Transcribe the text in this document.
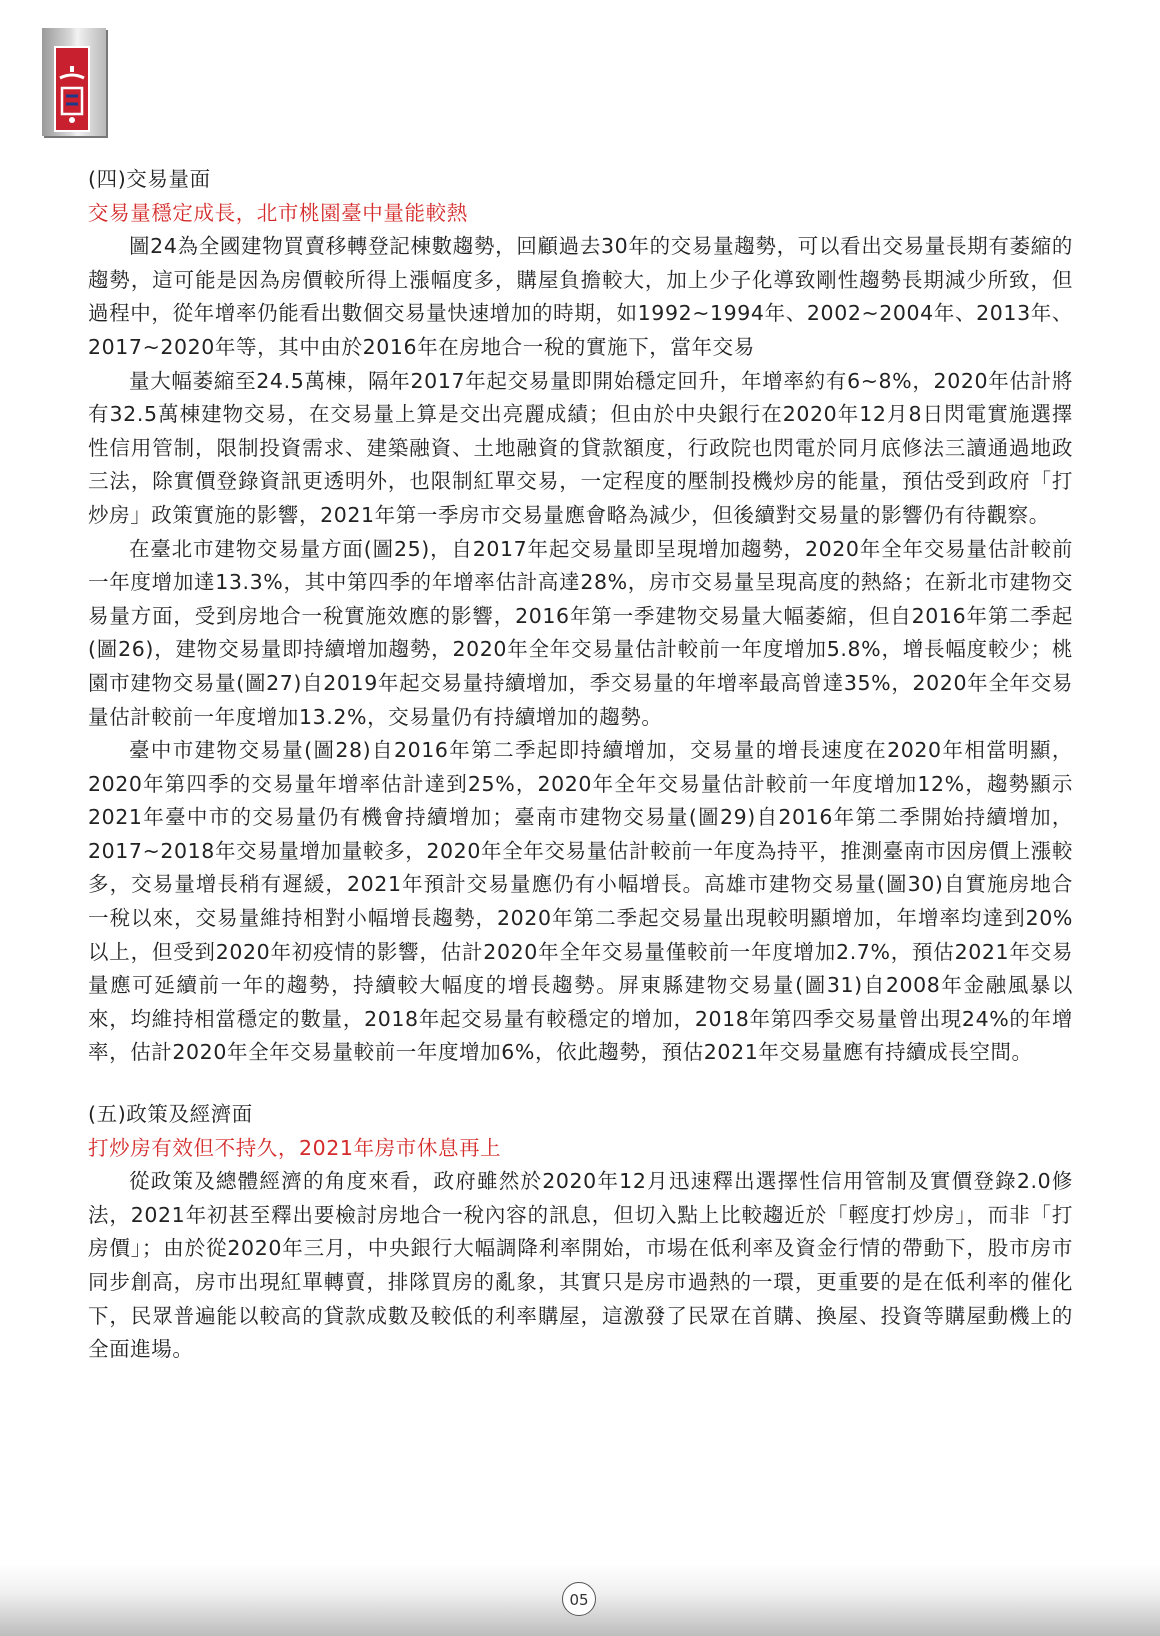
(四)交易量面

交易量穩定成長，北市桃園臺中量能較熱

圖24為全國建物買賣移轉登記棟數趨勢，回顧過去30年的交易量趨勢，可以看出交易量長期有萎縮的趨勢，這可能是因為房價較所得上漲幅度多，購屋負擔較大，加上少子化導致剛性趨勢長期減少所致，但過程中，從年增率仍能看出數個交易量快速增加的時期，如1992~1994年、2002~2004年、2013年、2017~2020年等，其中由於2016年在房地合一稅的實施下，當年交易

量大幅萎縮至24.5萬棟，隔年2017年起交易量即開始穩定回升，年增率約有6~8%，2020年估計將有32.5萬棟建物交易，在交易量上算是交出亮麗成績；但由於中央銀行在2020年12月8日閃電實施選擇性信用管制，限制投資需求、建築融資、土地融資的貸款額度，行政院也閃電於同月底修法三讀通過地政三法，除實價登錄資訊更透明外，也限制紅單交易，一定程度的壓制投機炒房的能量，預估受到政府「打炒房」政策實施的影響，2021年第一季房市交易量應會略為減少，但後續對交易量的影響仍有待觀察。

在臺北市建物交易量方面(圖25)，自2017年起交易量即呈現增加趨勢，2020年全年交易量估計較前一年度增加達13.3%，其中第四季的年增率估計高達28%，房市交易量呈現高度的熱絡；在新北市建物交易量方面，受到房地合一稅實施效應的影響，2016年第一季建物交易量大幅萎縮，但自2016年第二季起(圖26)，建物交易量即持續增加趨勢，2020年全年交易量估計較前一年度增加5.8%，增長幅度較少；桃園市建物交易量(圖27)自2019年起交易量持續增加，季交易量的年增率最高曾達35%，2020年全年交易量估計較前一年度增加13.2%，交易量仍有持續增加的趨勢。

臺中市建物交易量(圖28)自2016年第二季起即持續增加，交易量的增長速度在2020年相當明顯，2020年第四季的交易量年增率估計達到25%，2020年全年交易量估計較前一年度增加12%，趨勢顯示2021年臺中市的交易量仍有機會持續增加；臺南市建物交易量(圖29)自2016年第二季開始持續增加，2017~2018年交易量增加量較多，2020年全年交易量估計較前一年度為持平，推測臺南市因房價上漲較多，交易量增長稍有遲緩，2021年預計交易量應仍有小幅增長。高雄市建物交易量(圖30)自實施房地合一稅以來，交易量維持相對小幅增長趨勢，2020年第二季起交易量出現較明顯增加，年增率均達到20%以上，但受到2020年初疫情的影響，估計2020年全年交易量僅較前一年度增加2.7%，預估2021年交易量應可延續前一年的趨勢，持續較大幅度的增長趨勢。屏東縣建物交易量(圖31)自2008年金融風暴以來，均維持相當穩定的數量，2018年起交易量有較穩定的增加，2018年第四季交易量曾出現24%的年增率，估計2020年全年交易量較前一年度增加6%，依此趨勢，預估2021年交易量應有持續成長空間。

(五)政策及經濟面

打炒房有效但不持久，2021年房市休息再上

從政策及總體經濟的角度來看，政府雖然於2020年12月迅速釋出選擇性信用管制及實價登錄2.0修法，2021年初甚至釋出要檢討房地合一稅內容的訊息，但切入點上比較趨近於「輕度打炒房」，而非「打房價」；由於從2020年三月，中央銀行大幅調降利率開始，市場在低利率及資金行情的帶動下，股市房市同步創高，房市出現紅單轉賣，排隊買房的亂象，其實只是房市過熱的一環，更重要的是在低利率的催化下，民眾普遍能以較高的貸款成數及較低的利率購屋，這激發了民眾在首購、換屋、投資等購屋動機上的全面進場。

05
